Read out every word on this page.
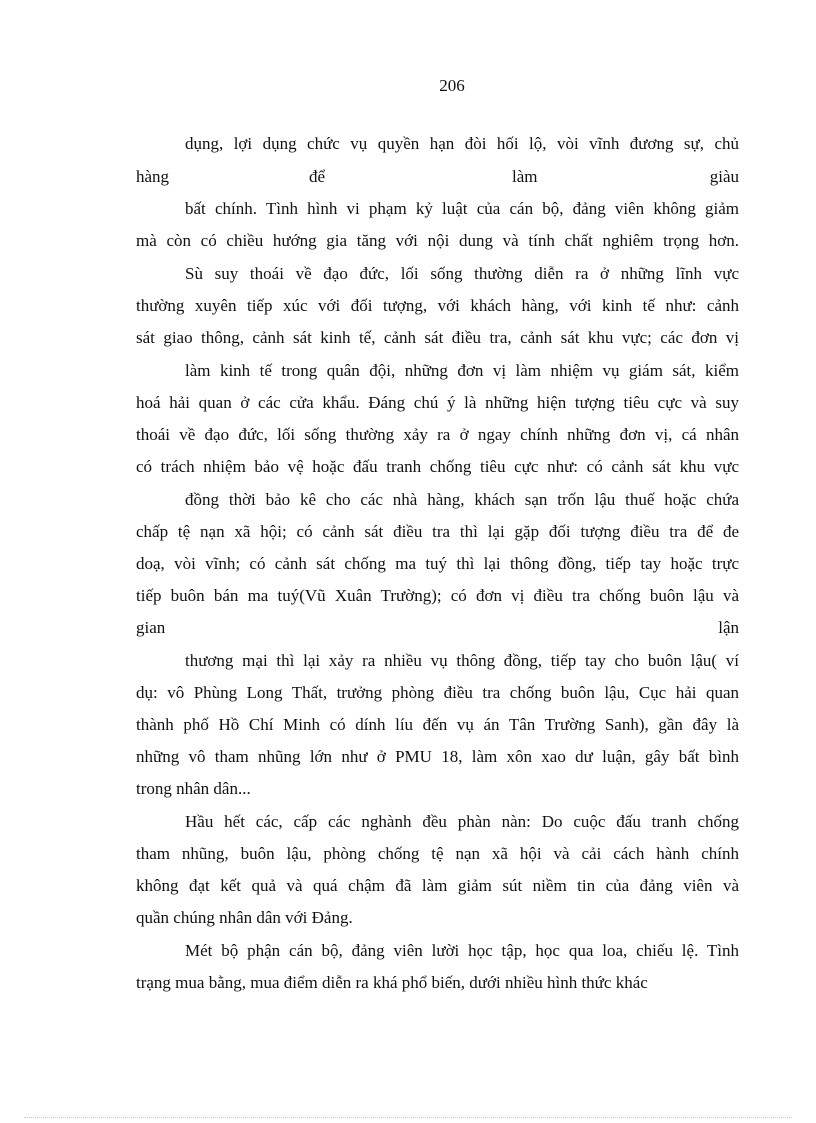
206
dụng, lợi dụng chức vụ quyền hạn đòi hối lộ, vòi vĩnh đương sự, chủ
hàng	để	làm	giàu
bất chính. Tình hình vi phạm kỷ luật của cán bộ, đảng viên không giảm
mà còn có chiều hướng gia tăng với nội dung và tính chất nghiêm trọng hơn.
Sù suy thoái về đạo đức, lối sống thường diễn ra ở những lĩnh vực
thường xuyên tiếp xúc với đối tượng, với khách hàng, với kinh tế như: cảnh
sát giao thông, cảnh sát kinh tế, cảnh sát điều tra, cảnh sát khu vực; các đơn vị
làm kinh tế trong quân đội, những đơn vị làm nhiệm vụ giám sát, kiểm
hoá hải quan ở các cửa khẩu. Đáng chú ý là những hiện tượng tiêu cực và suy
thoái về đạo đức, lối sống thường xảy ra ở ngay chính những đơn vị, cá nhân
có trách nhiệm bảo vệ hoặc đấu tranh chống tiêu cực như: có cảnh sát khu vực
đồng thời bảo kê cho các nhà hàng, khách sạn trốn lậu thuế hoặc chứa
chấp tệ nạn xã hội; có cảnh sát điều tra thì lại gặp đối tượng điều tra để đe
doạ, vòi vĩnh; có cảnh sát chống ma tuý thì lại thông đồng, tiếp tay hoặc trực
tiếp buôn bán ma tuý(Vũ Xuân Trường); có đơn vị điều tra chống buôn lậu và
gian	lận
thương mại thì lại xảy ra nhiều vụ thông đồng, tiếp tay cho buôn lậu( ví
dụ: vô Phùng Long Thất, trưởng phòng điều tra chống buôn lậu, Cục hải quan
thành phố Hồ Chí Minh có dính líu đến vụ án Tân Trường Sanh), gần đây là
những vô tham nhũng lớn như ở PMU 18, làm xôn xao dư luận, gây bất bình
trong nhân dân...
Hầu hết các, cấp các nghành đều phàn nàn: Do cuộc đấu tranh chống
tham nhũng, buôn lậu, phòng chống tệ nạn xã hội và cải cách hành chính
không đạt kết quả và quá chậm đã làm giảm sút niềm tin của đảng viên và
quần chúng nhân dân với Đảng.
Mét bộ phận cán bộ, đảng viên lười học tập, học qua loa, chiếu lệ. Tình
trạng mua bằng, mua điểm diễn ra khá phổ biến, dưới nhiều hình thức khác
